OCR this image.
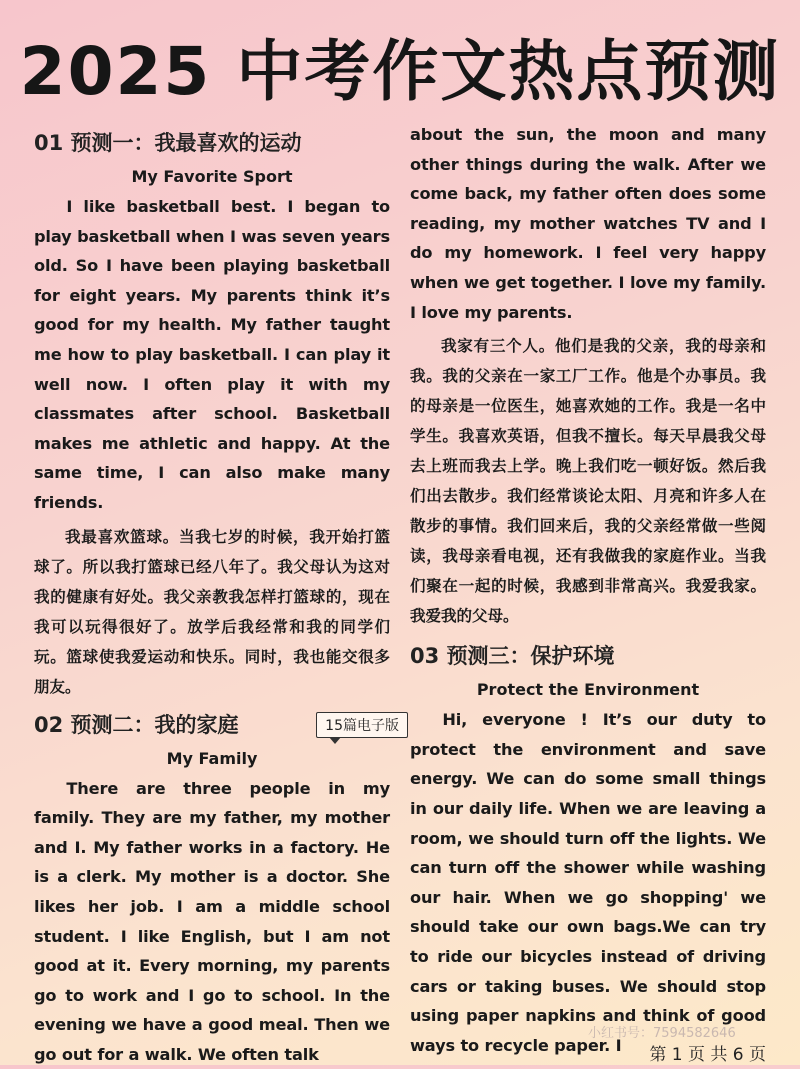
2025 中考作文热点预测
01 预测一：我最喜欢的运动
My Favorite Sport

I like basketball best. I began to play basketball when I was seven years old. So I have been playing basketball for eight years. My parents think it’s good for my health. My father taught me how to play basketball. I can play it well now. I often play it with my classmates after school. Basketball makes me athletic and happy. At the same time, I can also make many friends.

我最喜欢篮球。当我七岁的时候，我开始打篮球了。所以我打篮球已经八年了。我父母认为这对我的健康有好处。我父亲教我怎样打篮球的，现在我可以玩得很好了。放学后我经常和我的同学们玩。篮球使我爱运动和快乐。同时，我也能交很多朋友。

02 预测二：我的家庭	15篇电子版
My Family

There are three people in my family. They are my father, my mother and I. My father works in a factory. He is a clerk. My mother is a doctor. She likes her job. I am a middle school student. I like English, but I am not good at it. Every morning, my parents go to work and I go to school. In the evening we have a good meal. Then we go out for a walk. We often talk

about the sun, the moon and many other things during the walk. After we come back, my father often does some reading, my mother watches TV and I do my homework. I feel very happy when we get together. I love my family. I love my parents.

我家有三个人。他们是我的父亲，我的母亲和我。我的父亲在一家工厂工作。他是个办事员。我的母亲是一位医生，她喜欢她的工作。我是一名中学生。我喜欢英语，但我不擅长。每天早晨我父母去上班而我去上学。晚上我们吃一顿好饭。然后我们出去散步。我们经常谈论太阳、月亮和许多人在散步的事情。我们回来后，我的父亲经常做一些阅读，我母亲看电视，还有我做我的家庭作业。当我们聚在一起的时候，我感到非常高兴。我爱我家。我爱我的父母。

03 预测三：保护环境
Protect the Environment

Hi, everyone ! It’s our duty to protect the environment and save energy. We can do some small things in our daily life. When we are leaving a room, we should turn off the lights. We can turn off the shower while washing our hair. When we go shopping' we should take our own bags.We can try to ride our bicycles instead of driving cars or taking buses. We should stop using paper napkins and think of good ways to recycle paper. I

小红书号：7594582646
第 1 页 共 6 页
